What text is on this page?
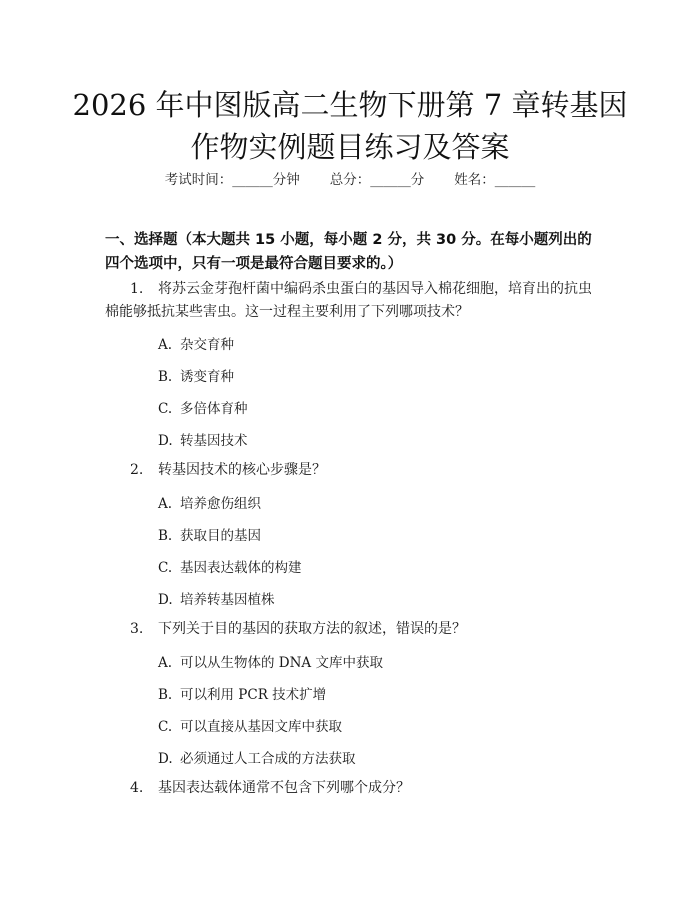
2026 年中图版高二生物下册第 7 章转基因作物实例题目练习及答案
考试时间：______分钟 总分：______分 姓名：______
一、选择题（本大题共 15 小题，每小题 2 分，共 30 分。在每小题列出的四个选项中，只有一项是最符合题目要求的。）
1. 将苏云金芽孢杆菌中编码杀虫蛋白的基因导入棉花细胞，培育出的抗虫棉能够抵抗某些害虫。这一过程主要利用了下列哪项技术？
A. 杂交育种
B. 诱变育种
C. 多倍体育种
D. 转基因技术
2. 转基因技术的核心步骤是？
A. 培养愈伤组织
B. 获取目的基因
C. 基因表达载体的构建
D. 培养转基因植株
3. 下列关于目的基因的获取方法的叙述，错误的是？
A. 可以从生物体的 DNA 文库中获取
B. 可以利用 PCR 技术扩增
C. 可以直接从基因文库中获取
D. 必须通过人工合成的方法获取
4. 基因表达载体通常不包含下列哪个成分？
